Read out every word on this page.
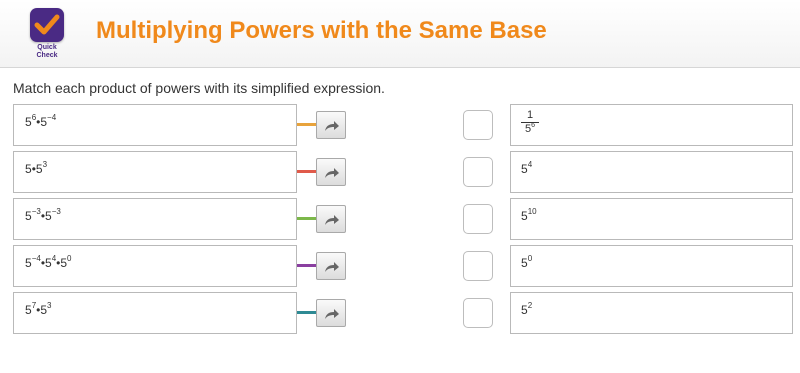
Quick
Check
Multiplying Powers with the Same Base
Match each product of powers with its simplified expression.
$5^6•5^{-4}$	$\frac{1}{5^6}$
$5•5^3$	$5^4$
$5^{-3}•5^{-3}$	$5^{10}$
$5^{-4}•5^4•5^0$	$5^0$
$5^7•5^3$	$5^2$
